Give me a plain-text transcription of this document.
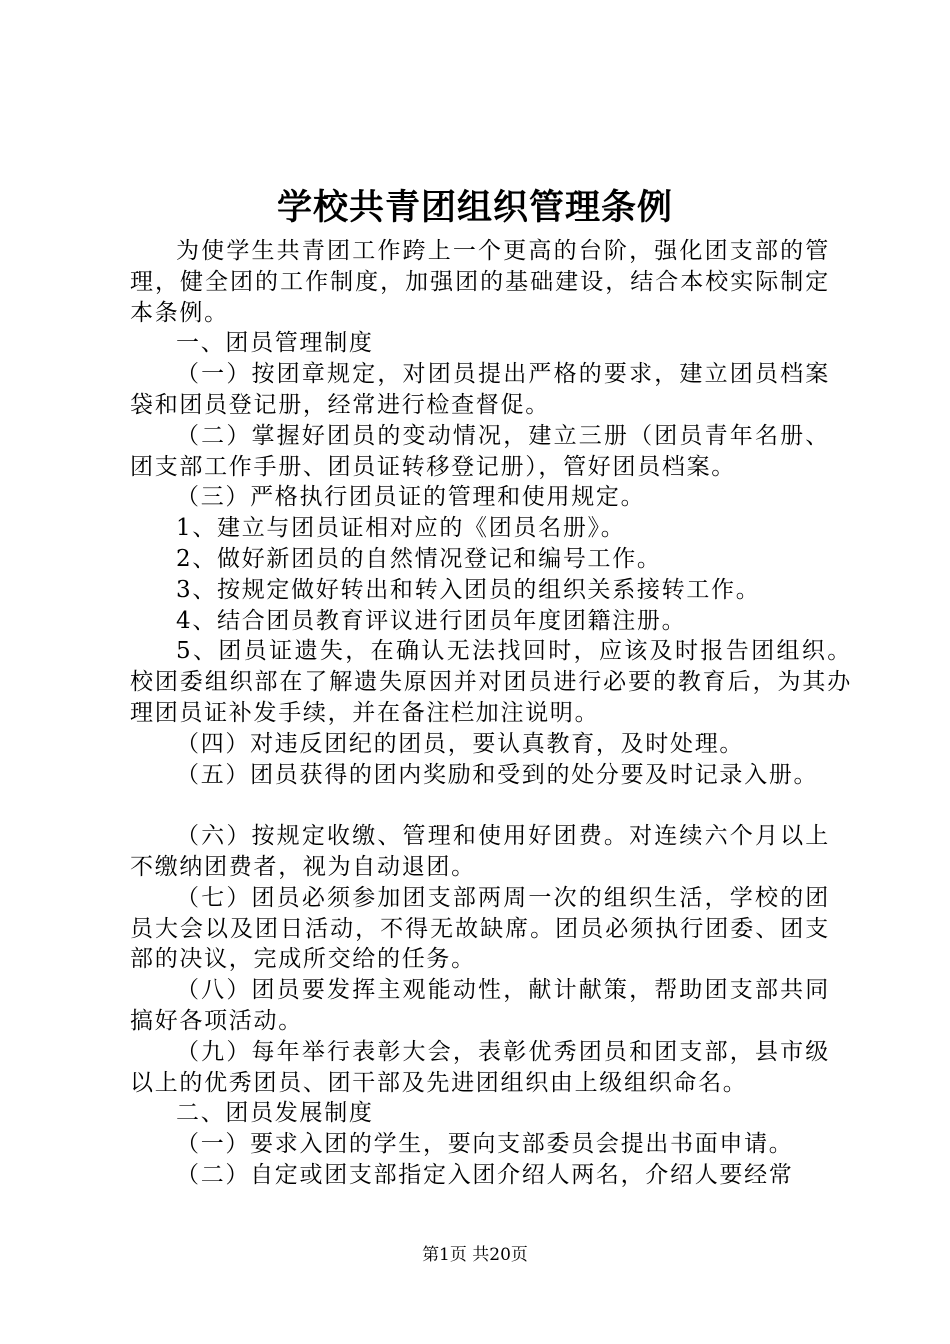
学校共青团组织管理条例

为使学生共青团工作跨上一个更高的台阶，强化团支部的管理，健全团的工作制度，加强团的基础建设，结合本校实际制定本条例。

一、团员管理制度

（一）按团章规定，对团员提出严格的要求，建立团员档案袋和团员登记册，经常进行检查督促。

（二）掌握好团员的变动情况，建立三册（团员青年名册、团支部工作手册、团员证转移登记册），管好团员档案。

（三）严格执行团员证的管理和使用规定。

1、建立与团员证相对应的《团员名册》。

2、做好新团员的自然情况登记和编号工作。

3、按规定做好转出和转入团员的组织关系接转工作。

4、结合团员教育评议进行团员年度团籍注册。

5、团员证遗失，在确认无法找回时，应该及时报告团组织。校团委组织部在了解遗失原因并对团员进行必要的教育后，为其办理团员证补发手续，并在备注栏加注说明。

（四）对违反团纪的团员，要认真教育，及时处理。

（五）团员获得的团内奖励和受到的处分要及时记录入册。

（六）按规定收缴、管理和使用好团费。对连续六个月以上不缴纳团费者，视为自动退团。

（七）团员必须参加团支部两周一次的组织生活，学校的团员大会以及团日活动，不得无故缺席。团员必须执行团委、团支部的决议，完成所交给的任务。

（八）团员要发挥主观能动性，献计献策，帮助团支部共同搞好各项活动。

（九）每年举行表彰大会，表彰优秀团员和团支部，县市级以上的优秀团员、团干部及先进团组织由上级组织命名。

二、团员发展制度

（一）要求入团的学生，要向支部委员会提出书面申请。

（二）自定或团支部指定入团介绍人两名，介绍人要经常

第1页 共20页
